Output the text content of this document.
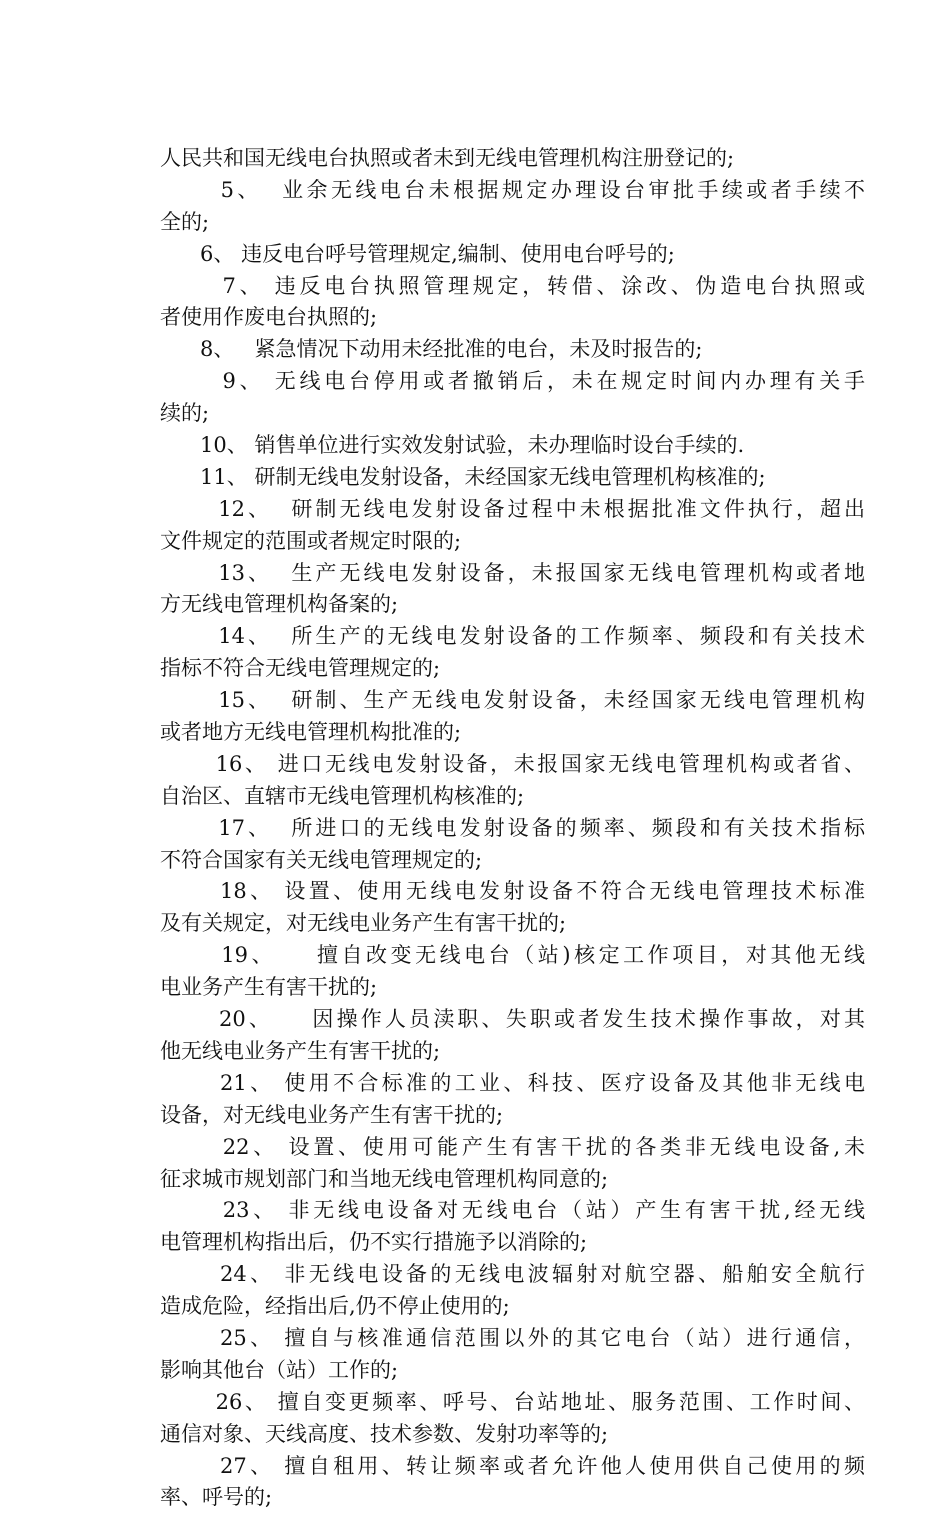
人民共和国无线电台执照或者未到无线电管理机构注册登记的;
5、  业余无线电台未根据规定办理设台审批手续或者手续不
全的;
6、 违反电台呼号管理规定,编制、使用电台呼号的;
7、 违反电台执照管理规定，转借、涂改、伪造电台执照或
者使用作废电台执照的;
8、   紧急情况下动用未经批准的电台，未及时报告的;
9、 无线电台停用或者撤销后，未在规定时间内办理有关手
续的;
10、 销售单位进行实效发射试验，未办理临时设台手续的.
11、 研制无线电发射设备，未经国家无线电管理机构核准的;
12、  研制无线电发射设备过程中未根据批准文件执行，超出
文件规定的范围或者规定时限的;
13、  生产无线电发射设备，未报国家无线电管理机构或者地
方无线电管理机构备案的;
14、  所生产的无线电发射设备的工作频率、频段和有关技术
指标不符合无线电管理规定的;
15、  研制、生产无线电发射设备，未经国家无线电管理机构
或者地方无线电管理机构批准的;
16、 进口无线电发射设备，未报国家无线电管理机构或者省、
自治区、直辖市无线电管理机构核准的;
17、  所进口的无线电发射设备的频率、频段和有关技术指标
不符合国家有关无线电管理规定的;
18、 设置、使用无线电发射设备不符合无线电管理技术标准
及有关规定，对无线电业务产生有害干扰的;
19、    擅自改变无线电台（站)核定工作项目，对其他无线
电业务产生有害干扰的;
20、    因操作人员渎职、失职或者发生技术操作事故，对其
他无线电业务产生有害干扰的;
21、 使用不合标准的工业、科技、医疗设备及其他非无线电
设备，对无线电业务产生有害干扰的;
22、 设置、使用可能产生有害干扰的各类非无线电设备,未
征求城市规划部门和当地无线电管理机构同意的;
23、 非无线电设备对无线电台（站）产生有害干扰,经无线
电管理机构指出后，仍不实行措施予以消除的;
24、 非无线电设备的无线电波辐射对航空器、船舶安全航行
造成危险，经指出后,仍不停止使用的;
25、 擅自与核准通信范围以外的其它电台（站）进行通信，
影响其他台（站）工作的;
26、 擅自变更频率、呼号、台站地址、服务范围、工作时间、
通信对象、天线高度、技术参数、发射功率等的;
27、 擅自租用、转让频率或者允许他人使用供自己使用的频
率、呼号的;
